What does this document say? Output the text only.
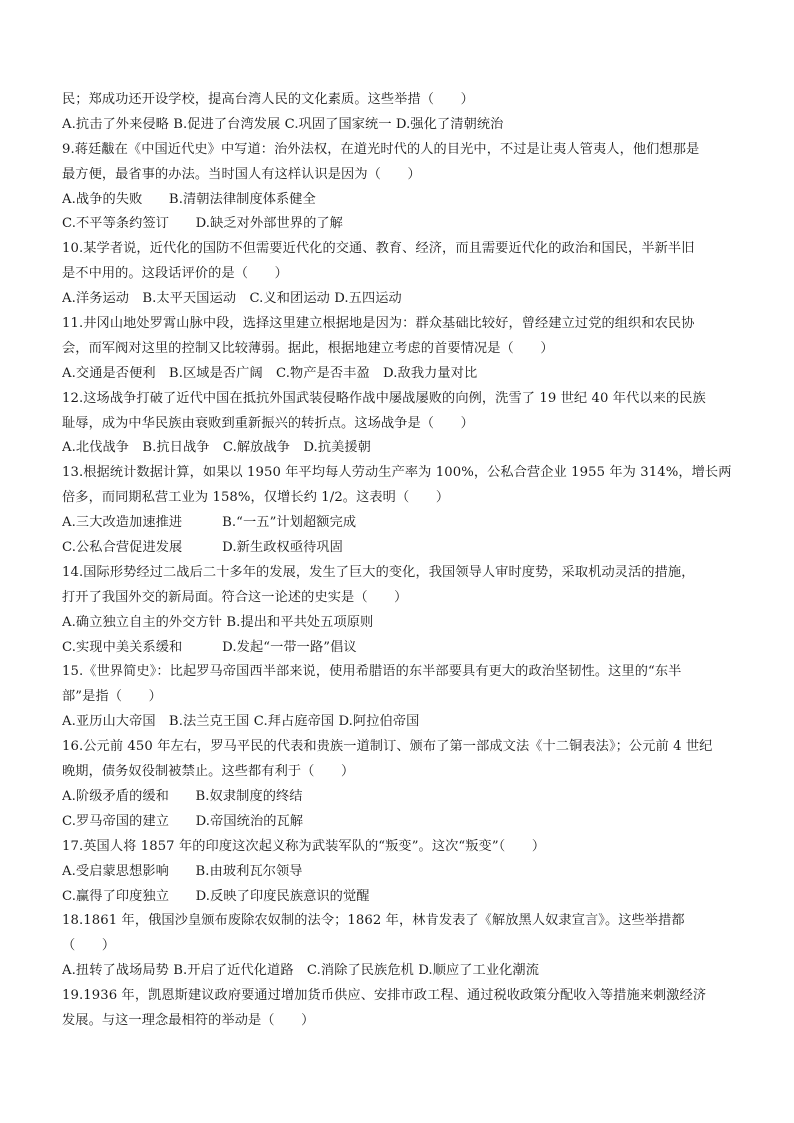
民；郑成功还开设学校，提高台湾人民的文化素质。这些举措（　　）
A.抗击了外来侵略 B.促进了台湾发展 C.巩固了国家统一 D.强化了清朝统治
9.蒋廷黻在《中国近代史》中写道：治外法权，在道光时代的人的目光中，不过是让夷人管夷人，他们想那是
最方便，最省事的办法。当时国人有这样认识是因为（　　）
A.战争的失败　　B.清朝法律制度体系健全
C.不平等条约签订　　D.缺乏对外部世界的了解
10.某学者说，近代化的国防不但需要近代化的交通、教育、经济，而且需要近代化的政治和国民，半新半旧
是不中用的。这段话评价的是（　　）
A.洋务运动　B.太平天国运动　C.义和团运动 D.五四运动
11.井冈山地处罗霄山脉中段，选择这里建立根据地是因为：群众基础比较好，曾经建立过党的组织和农民协
会，而军阀对这里的控制又比较薄弱。据此，根据地建立考虑的首要情况是（　　）
A.交通是否便利　B.区域是否广阔　C.物产是否丰盈　D.敌我力量对比
12.这场战争打破了近代中国在抵抗外国武装侵略作战中屡战屡败的向例，洗雪了 19 世纪 40 年代以来的民族
耻辱，成为中华民族由衰败到重新振兴的转折点。这场战争是（　　）
A.北伐战争　B.抗日战争　C.解放战争　D.抗美援朝
13.根据统计数据计算，如果以 1950 年平均每人劳动生产率为 100%，公私合营企业 1955 年为 314%，增长两
倍多，而同期私营工业为 158%，仅增长约 1/2。这表明（　　）
A.三大改造加速推进　　　B.“一五”计划超额完成
C.公私合营促进发展　　　D.新生政权亟待巩固
14.国际形势经过二战后二十多年的发展，发生了巨大的变化，我国领导人审时度势，采取机动灵活的措施，
打开了我国外交的新局面。符合这一论述的史实是（　　）
A.确立独立自主的外交方针 B.提出和平共处五项原则
C.实现中美关系缓和　　　D.发起“一带一路”倡议
15.《世界简史》：比起罗马帝国西半部来说，使用希腊语的东半部要具有更大的政治坚韧性。这里的“东半
部”是指（　　）
A.亚历山大帝国　B.法兰克王国 C.拜占庭帝国 D.阿拉伯帝国
16.公元前 450 年左右，罗马平民的代表和贵族一道制订、颁布了第一部成文法《十二铜表法》；公元前 4 世纪
晚期，债务奴役制被禁止。这些都有利于（　　）
A.阶级矛盾的缓和　　B.奴隶制度的终结
C.罗马帝国的建立　　D.帝国统治的瓦解
17.英国人将 1857 年的印度这次起义称为武装军队的“叛变”。这次“叛变”（　　）
A.受启蒙思想影响　　B.由玻利瓦尔领导
C.赢得了印度独立　　D.反映了印度民族意识的觉醒
18.1861 年，俄国沙皇颁布废除农奴制的法令；1862 年，林肯发表了《解放黑人奴隶宣言》。这些举措都
（　　）
A.扭转了战场局势 B.开启了近代化道路　C.消除了民族危机 D.顺应了工业化潮流
19.1936 年，凯恩斯建议政府要通过增加货币供应、安排市政工程、通过税收政策分配收入等措施来刺激经济
发展。与这一理念最相符的举动是（　　）
